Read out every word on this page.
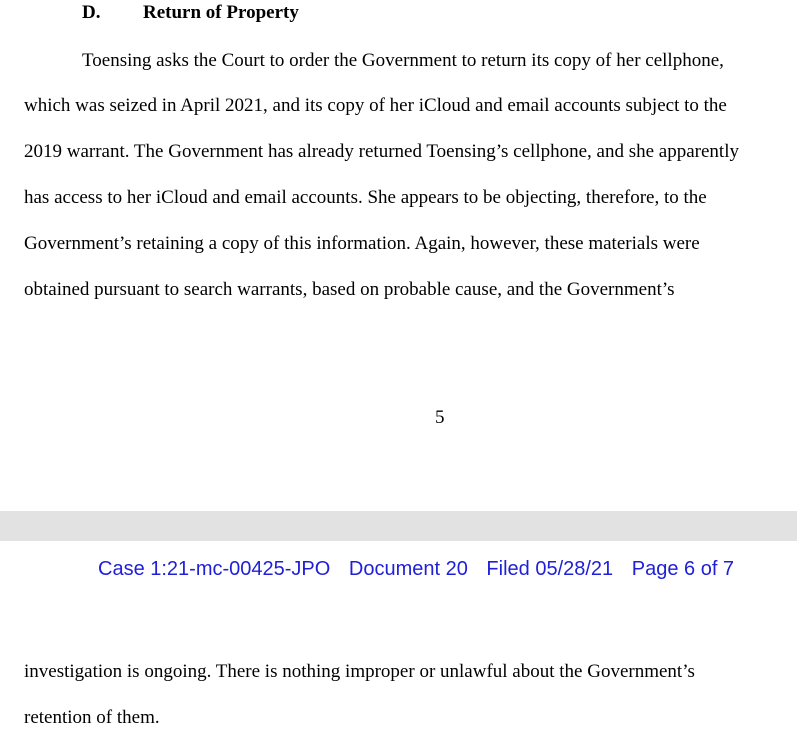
D. Return of Property
Toensing asks the Court to order the Government to return its copy of her cellphone,
which was seized in April 2021, and its copy of her iCloud and email accounts subject to the
2019 warrant. The Government has already returned Toensing’s cellphone, and she apparently
has access to her iCloud and email accounts. She appears to be objecting, therefore, to the
Government’s retaining a copy of this information. Again, however, these materials were
obtained pursuant to search warrants, based on probable cause, and the Government’s
5
Case 1:21-mc-00425-JPO Document 20 Filed 05/28/21 Page 6 of 7
investigation is ongoing. There is nothing improper or unlawful about the Government’s
retention of them.
